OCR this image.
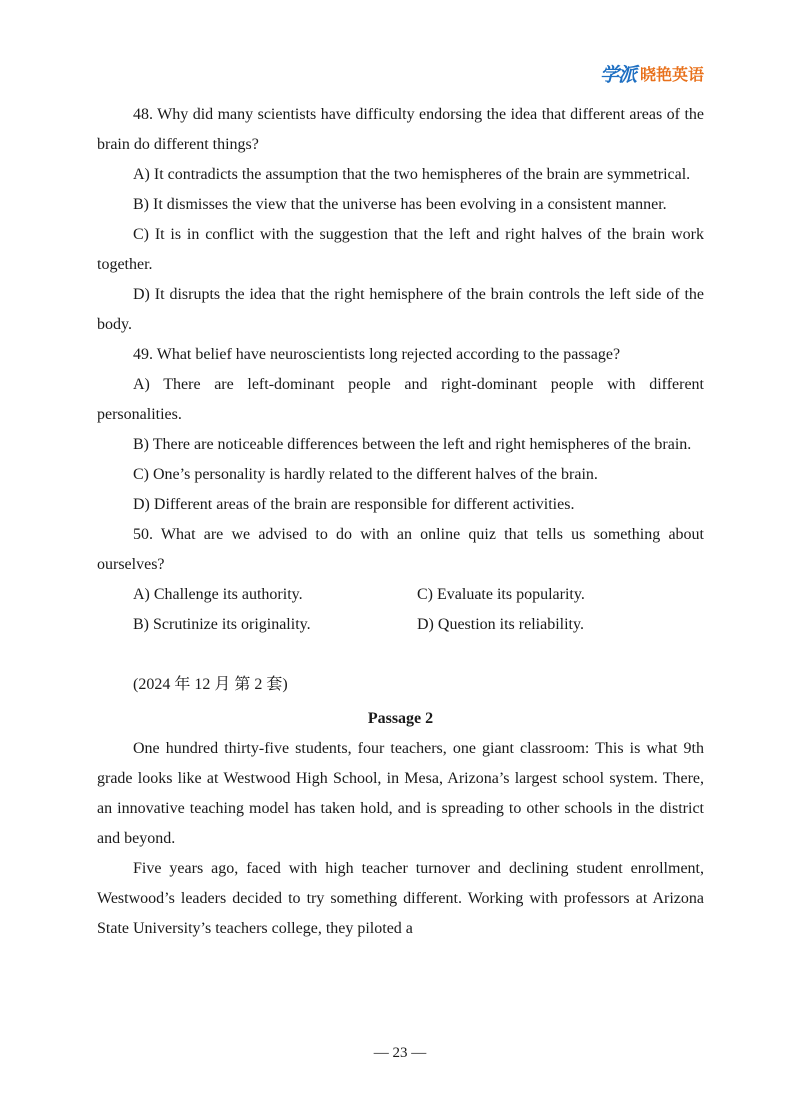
学派 晓艳英语

48. Why did many scientists have difficulty endorsing the idea that different areas of the brain do different things?

A) It contradicts the assumption that the two hemispheres of the brain are symmetrical.

B) It dismisses the view that the universe has been evolving in a consistent manner.

C) It is in conflict with the suggestion that the left and right halves of the brain work together.

D) It disrupts the idea that the right hemisphere of the brain controls the left side of the body.

49. What belief have neuroscientists long rejected according to the passage?

A) There are left-dominant people and right-dominant people with different personalities.

B) There are noticeable differences between the left and right hemispheres of the brain.

C) One’s personality is hardly related to the different halves of the brain.

D) Different areas of the brain are responsible for different activities.

50. What are we advised to do with an online quiz that tells us something about ourselves?

A) Challenge its authority.	C) Evaluate its popularity.
B) Scrutinize its originality.	D) Question its reliability.

(2024 年 12 月 第 2 套)

Passage 2

One hundred thirty-five students, four teachers, one giant classroom: This is what 9th grade looks like at Westwood High School, in Mesa, Arizona’s largest school system. There, an innovative teaching model has taken hold, and is spreading to other schools in the district and beyond.

Five years ago, faced with high teacher turnover and declining student enrollment, Westwood’s leaders decided to try something different. Working with professors at Arizona State University’s teachers college, they piloted a

— 23 —
